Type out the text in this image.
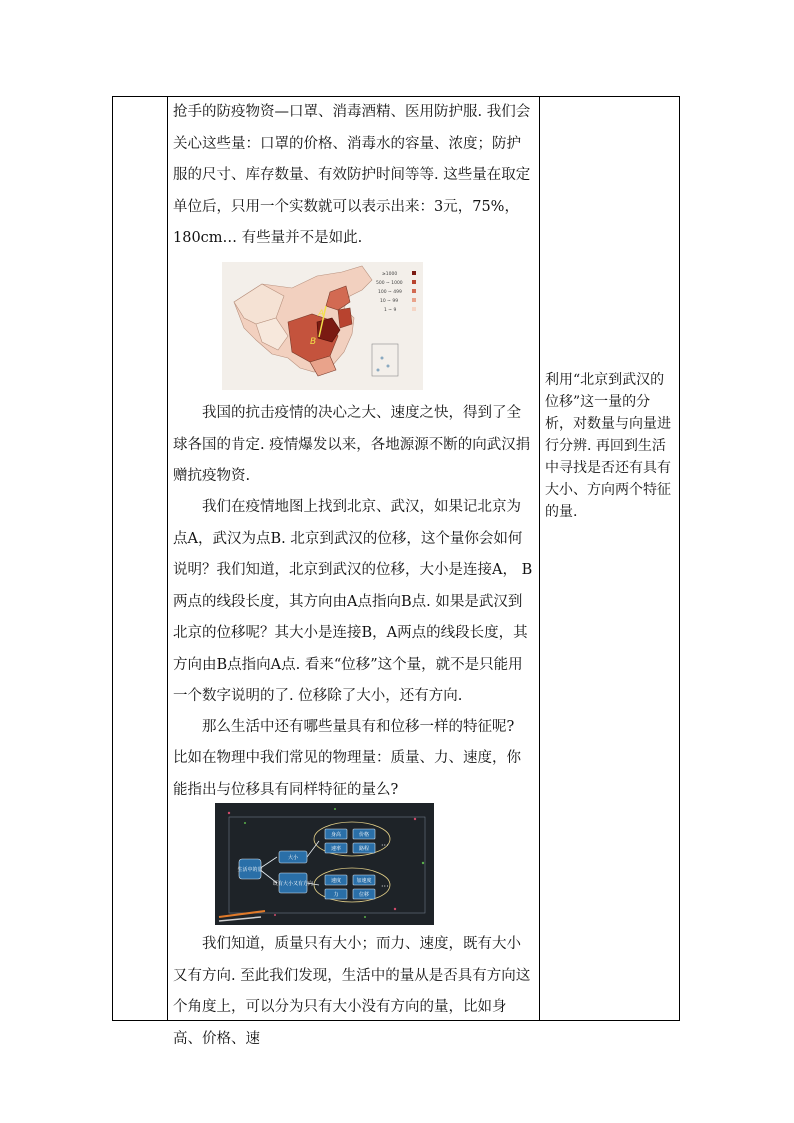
抢手的防疫物资—口罩、消毒酒精、医用防护服. 我们会关心这些量：口罩的价格、消毒水的容量、浓度；防护服的尺寸、库存数量、有效防护时间等等. 这些量在取定单位后，只用一个实数就可以表示出来：3元，75%，180cm… 有些量并不是如此.

A
B
≥1000
500 ~ 1000
100 ~ 499
10 ~ 99
1 ~ 9

我国的抗击疫情的决心之大、速度之快，得到了全球各国的肯定. 疫情爆发以来，各地源源不断的向武汉捐赠抗疫物资.

我们在疫情地图上找到北京、武汉，如果记北京为点A，武汉为点B. 北京到武汉的位移，这个量你会如何说明？我们知道，北京到武汉的位移，大小是连接A， B两点的线段长度，其方向由A点指向B点. 如果是武汉到北京的位移呢？其大小是连接B，A两点的线段长度，其方向由B点指向A点. 看来“位移”这个量，就不是只能用一个数字说明的了. 位移除了大小，还有方向.

那么生活中还有哪些量具有和位移一样的特征呢?

比如在物理中我们常见的物理量：质量、力、速度，你能指出与位移具有同样特征的量么?

生活中的量
大小
既有大小又有方向
身高	价格
速率	路程
速度	加速度
力	位移
···
···

我们知道，质量只有大小；而力、速度，既有大小又有方向. 至此我们发现，生活中的量从是否具有方向这个角度上，可以分为只有大小没有方向的量，比如身高、价格、速

利用“北京到武汉的位移”这一量的分析，对数量与向量进行分辨. 再回到生活中寻找是否还有具有大小、方向两个特征的量.
